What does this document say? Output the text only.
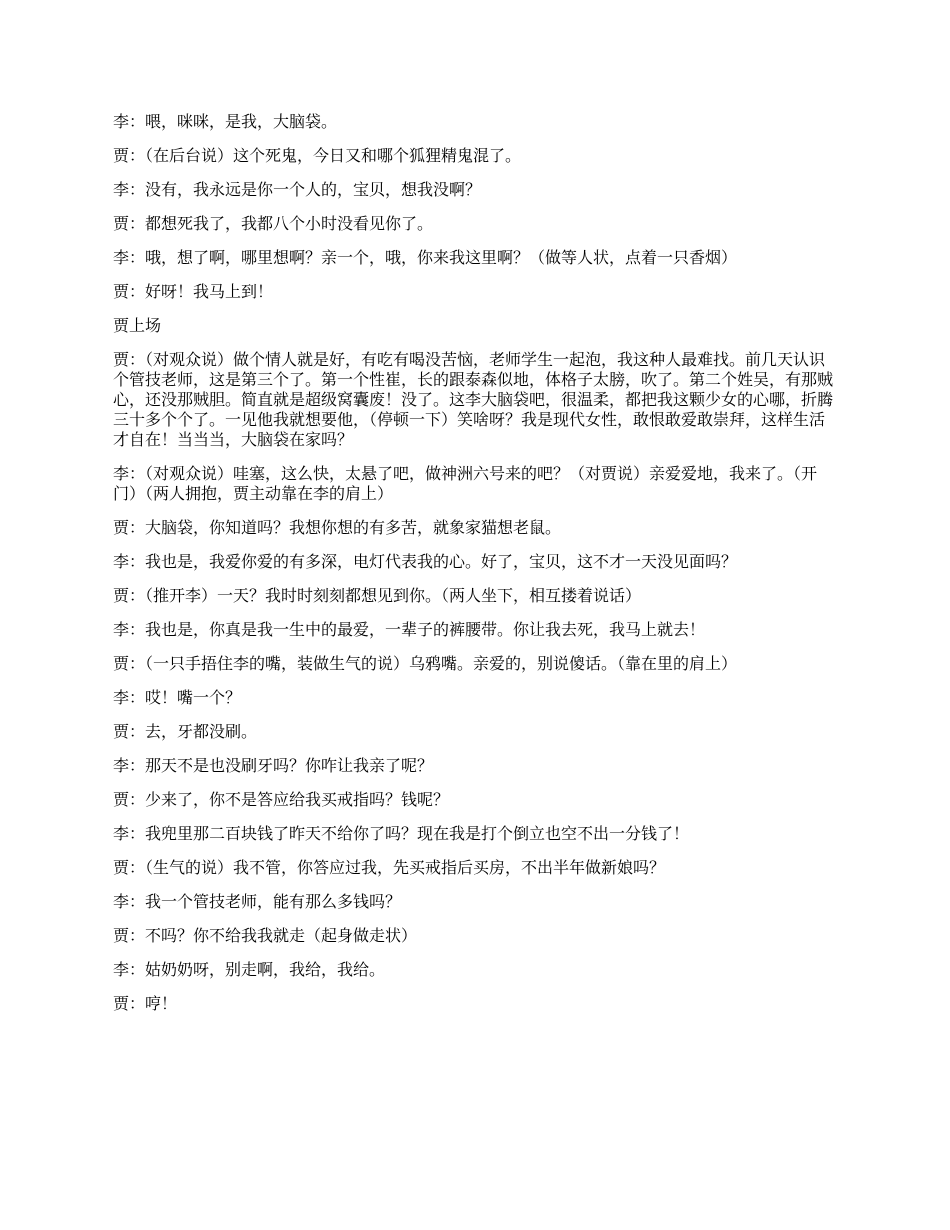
李：喂，咪咪，是我，大脑袋。

贾：（在后台说）这个死鬼，今日又和哪个狐狸精鬼混了。

李：没有，我永远是你一个人的，宝贝，想我没啊？

贾：都想死我了，我都八个小时没看见你了。

李：哦，想了啊，哪里想啊？亲一个，哦，你来我这里啊？（做等人状，点着一只香烟）

贾：好呀！我马上到！

贾上场

贾：（对观众说）做个情人就是好，有吃有喝没苦恼，老师学生一起泡，我这种人最难找。前几天认识个管技老师，这是第三个了。第一个性崔，长的跟泰森似地，体格子太膀，吹了。第二个姓吴，有那贼心，还没那贼胆。简直就是超级窝囊废！没了。这李大脑袋吧，很温柔，都把我这颗少女的心哪，折腾三十多个个了。一见他我就想要他，（停顿一下）笑啥呀？我是现代女性，敢恨敢爱敢崇拜，这样生活才自在！当当当，大脑袋在家吗？

李：（对观众说）哇塞，这么快，太悬了吧，做神洲六号来的吧？（对贾说）亲爱爱地，我来了。（开门）（两人拥抱，贾主动靠在李的肩上）

贾：大脑袋，你知道吗？我想你想的有多苦，就象家猫想老鼠。

李：我也是，我爱你爱的有多深，电灯代表我的心。好了，宝贝，这不才一天没见面吗？

贾：（推开李）一天？我时时刻刻都想见到你。（两人坐下，相互搂着说话）

李：我也是，你真是我一生中的最爱，一辈子的裤腰带。你让我去死，我马上就去！

贾：（一只手捂住李的嘴，装做生气的说）乌鸦嘴。亲爱的，别说傻话。（靠在里的肩上）

李：哎！嘴一个？

贾：去，牙都没刷。

李：那天不是也没刷牙吗？你咋让我亲了呢？

贾：少来了，你不是答应给我买戒指吗？钱呢？

李：我兜里那二百块钱了昨天不给你了吗？现在我是打个倒立也空不出一分钱了！

贾：（生气的说）我不管，你答应过我，先买戒指后买房，不出半年做新娘吗？

李：我一个管技老师，能有那么多钱吗？

贾：不吗？你不给我我就走（起身做走状）

李：姑奶奶呀，别走啊，我给，我给。

贾：哼！
